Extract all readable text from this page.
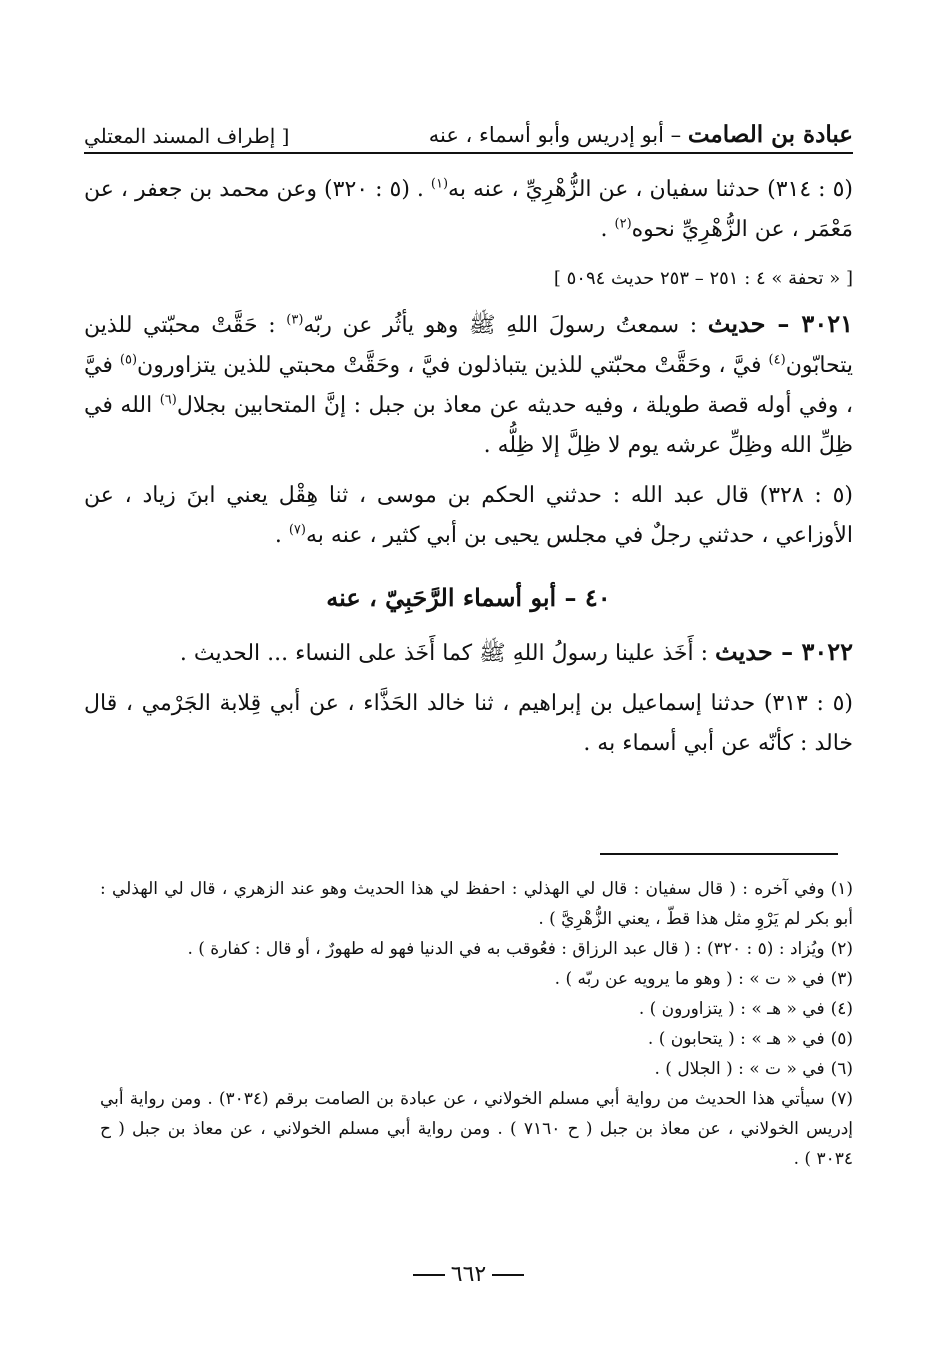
عبادة بن الصامت – أبو إدريس وأبو أسماء ، عنه
[ إطراف المسند المعتلي

(٥ : ٣١٤) حدثنا سفيان ، عن الزُّهْرِيِّ ، عنه به$^{(١)}$ . (٥ : ٣٢٠) وعن محمد بن جعفر ، عن مَعْمَر ، عن الزُّهْرِيِّ نحوه$^{(٢)}$ .

[ « تحفة » ٤ : ٢٥١ – ٢٥٣ حديث ٥٠٩٤ ]

٣٠٢١ – حديث : سمعتُ رسولَ اللهِ ﷺ وهو يأثُر عن ربّه$^{(٣)}$ : حَقَّتْ محبّتي للذين يتحابّون$^{(٤)}$ فيَّ ، وحَقَّتْ محبّتي للذين يتباذلون فيَّ ، وحَقَّتْ محبتي للذين يتزاورون$^{(٥)}$ فيَّ ، وفي أوله قصة طويلة ، وفيه حديثه عن معاذ بن جبل : إنَّ المتحابين بجلال$^{(٦)}$ الله في ظِلِّ الله وظِلِّ عرشه يوم لا ظِلَّ إلا ظِلُّه .

(٥ : ٣٢٨) قال عبد الله : حدثني الحكم بن موسى ، ثنا هِقْل يعني ابنَ زياد ، عن الأوزاعي ، حدثني رجلٌ في مجلس يحيى بن أبي كثير ، عنه به$^{(٧)}$ .

٤٠ – أبو أسماء الرَّحَبِيّ ، عنه

٣٠٢٢ – حديث : أَخَذ علينا رسولُ اللهِ ﷺ كما أَخَذ على النساء ... الحديث .

(٥ : ٣١٣) حدثنا إسماعيل بن إبراهيم ، ثنا خالد الحَذَّاء ، عن أبي قِلابة الجَرْمي ، قال خالد : كأنّه عن أبي أسماء به .

(١)وفي آخره : ( قال سفيان : قال لي الهذلي : احفظ لي هذا الحديث وهو عند الزهري ، قال لي الهذلي : أبو بكر لم يَرْوِ مثل هذا قطّ ، يعني الزُّهْرِيَّ ) .

(٢)ويُزاد : (٥ : ٣٢٠) : ( قال عبد الرزاق : فعُوقب به في الدنيا فهو له طهورٌ ، أو قال : كفارة ) .

(٣)في « ت » : ( وهو ما يرويه عن ربّه ) .

(٤)في « هـ » : ( يتزاورون ) .

(٥)في « هـ » : ( يتحابون ) .

(٦)في « ت » : ( الجلال ) .

(٧)سيأتي هذا الحديث من رواية أبي مسلم الخولاني ، عن عبادة بن الصامت برقم (٣٠٣٤) . ومن رواية أبي إدريس الخولاني ، عن معاذ بن جبل ( ح ٧١٦٠ ) . ومن رواية أبي مسلم الخولاني ، عن معاذ بن جبل ( ح ٣٠٣٤ ) .

٦٦٢
